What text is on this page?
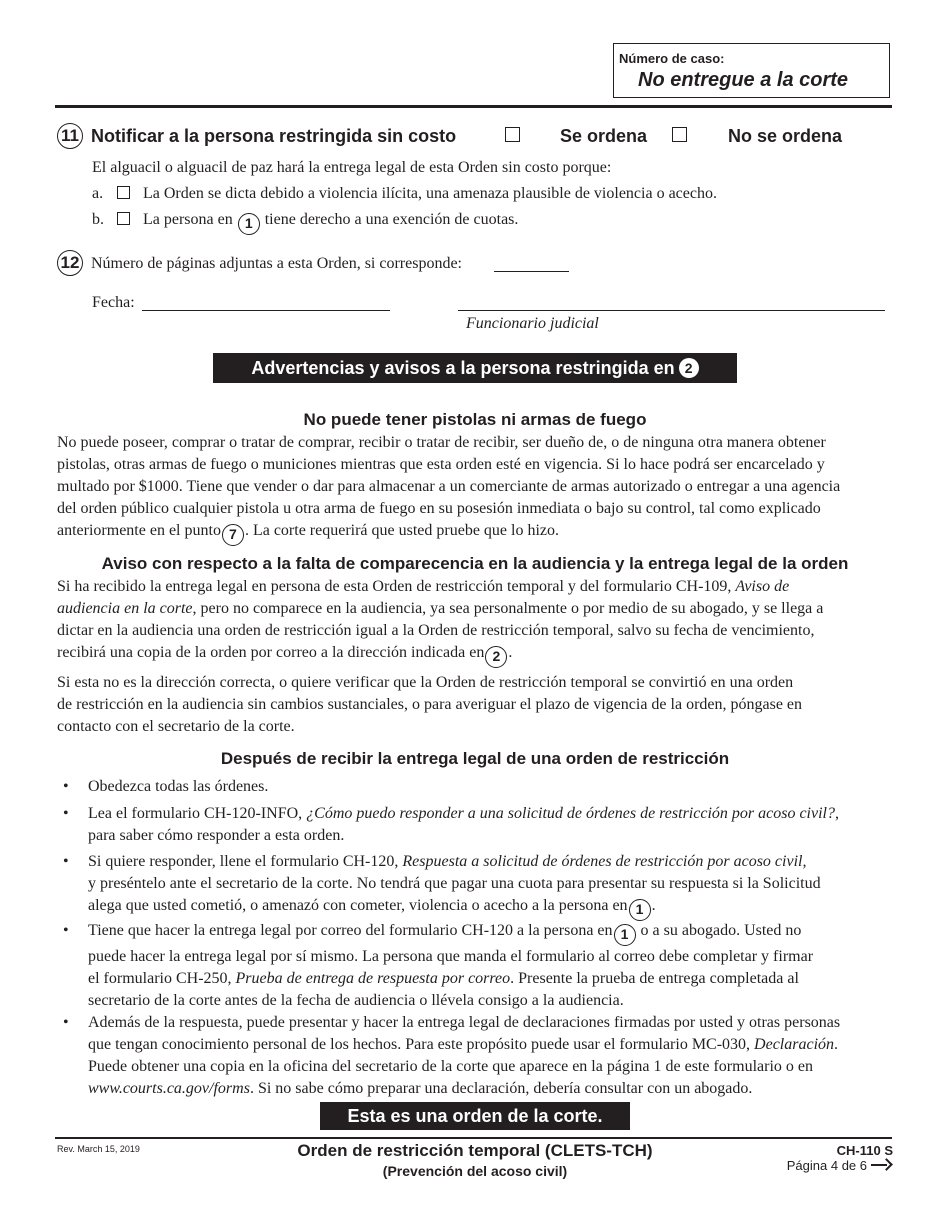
Número de caso:
No entregue a la corte
11 Notificar a la persona restringida sin costo	Se ordena	No se ordena
El alguacil o alguacil de paz hará la entrega legal de esta Orden sin costo porque:
a. La Orden se dicta debido a violencia ilícita, una amenaza plausible de violencia o acecho.
b. La persona en 1 tiene derecho a una exención de cuotas.
12 Número de páginas adjuntas a esta Orden, si corresponde:
Fecha:
Funcionario judicial
Advertencias y avisos a la persona restringida en 2
No puede tener pistolas ni armas de fuego
No puede poseer, comprar o tratar de comprar, recibir o tratar de recibir, ser dueño de, o de ninguna otra manera obtener
pistolas, otras armas de fuego o municiones mientras que esta orden esté en vigencia. Si lo hace podrá ser encarcelado y
multado por $1000. Tiene que vender o dar para almacenar a un comerciante de armas autorizado o entregar a una agencia
del orden público cualquier pistola u otra arma de fuego en su posesión inmediata o bajo su control, tal como explicado
anteriormente en el punto 7 . La corte requerirá que usted pruebe que lo hizo.
Aviso con respecto a la falta de comparecencia en la audiencia y la entrega legal de la orden
Si ha recibido la entrega legal en persona de esta Orden de restricción temporal y del formulario CH-109, Aviso de
audiencia en la corte, pero no comparece en la audiencia, ya sea personalmente o por medio de su abogado, y se llega a
dictar en la audiencia una orden de restricción igual a la Orden de restricción temporal, salvo su fecha de vencimiento,
recibirá una copia de la orden por correo a la dirección indicada en 2 .
Si esta no es la dirección correcta, o quiere verificar que la Orden de restricción temporal se convirtió en una orden
de restricción en la audiencia sin cambios sustanciales, o para averiguar el plazo de vigencia de la orden, póngase en
contacto con el secretario de la corte.
Después de recibir la entrega legal de una orden de restricción
• Obedezca todas las órdenes.
• Lea el formulario CH-120-INFO, ¿Cómo puedo responder a una solicitud de órdenes de restricción por acoso civil?,
para saber cómo responder a esta orden.
• Si quiere responder, llene el formulario CH-120, Respuesta a solicitud de órdenes de restricción por acoso civil,
y preséntelo ante el secretario de la corte. No tendrá que pagar una cuota para presentar su respuesta si la Solicitud
alega que usted cometió, o amenazó con cometer, violencia o acecho a la persona en 1 .
• Tiene que hacer la entrega legal por correo del formulario CH-120 a la persona en 1 o a su abogado. Usted no
puede hacer la entrega legal por sí mismo. La persona que manda el formulario al correo debe completar y firmar
el formulario CH-250, Prueba de entrega de respuesta por correo. Presente la prueba de entrega completada al
secretario de la corte antes de la fecha de audiencia o llévela consigo a la audiencia.
• Además de la respuesta, puede presentar y hacer la entrega legal de declaraciones firmadas por usted y otras personas
que tengan conocimiento personal de los hechos. Para este propósito puede usar el formulario MC-030, Declaración.
Puede obtener una copia en la oficina del secretario de la corte que aparece en la página 1 de este formulario o en
www.courts.ca.gov/forms. Si no sabe cómo preparar una declaración, debería consultar con un abogado.
Esta es una orden de la corte.
Rev. March 15, 2019	Orden de restricción temporal (CLETS-TCH)
(Prevención del acoso civil)
CH-110 S
Página 4 de 6
